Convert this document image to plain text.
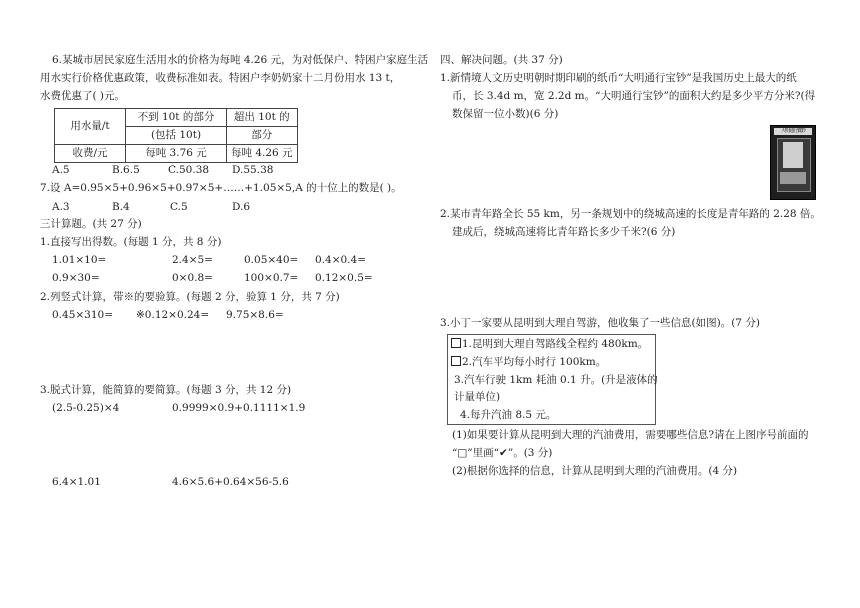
6.某城市居民家庭生活用水的价格为每吨 4.26 元，为对低保户、特困户家庭生活
用水实行价格优惠政策，收费标准如表。特困户李奶奶家十二月份用水 13 t，
水费优惠了( )元。
用水量/t	不到 10t 的部分	超出 10t 的
	(包括 10t)	部分
收费/元	每吨 3.76 元	每吨 4.26 元
A.5	B.6.5	C.50.38 D.55.38
7.设 A=0.95×5+0.96×5+0.97×5+……+1.05×5,A 的十位上的数是( )。
A.3	B.4	C.5	D.6
三计算题。(共 27 分)
1.直接写出得数。(每题 1 分，共 8 分)
1.01×10=	2.4×5=	0.05×40= 0.4×0.4=
0.9×30=	0×0.8=	100×0.7= 0.12×0.5=
2.列竖式计算，带※的要验算。(每题 2 分，验算 1 分，共 7 分)
0.45×310= ※0.12×0.24= 9.75×8.6=
3.脱式计算，能简算的要简算。(每题 3 分，共 12 分)
(2.5-0.25)×4	0.9999×0.9+0.1111×1.9
6.4×1.01	4.6×5.6+0.64×56-5.6
四、解决问题。(共 37 分)
1.新情境人文历史明朝时期印刷的纸币“大明通行宝钞”是我国历史上最大的纸
币，长 3.4d m，宽 2.2d m。“大明通行宝钞”的面积大约是多少平方分米?(得
数保留一位小数)(6 分)
大明通行寶鈔
2.某市青年路全长 55 km，另一条规划中的绕城高速的长度是青年路的 2.28 倍。
建成后，绕城高速将比青年路长多少千米?(6 分)
3.小丁一家要从昆明到大理自驾游，他收集了一些信息(如图)。(7 分)
1.昆明到大理自驾路线全程约 480km。
2.汽车平均每小时行 100km。
3.汽车行驶 1km 耗油 0.1 升。(升是液体的
计量单位)
4.每升汽油 8.5 元。
(1)如果要计算从昆明到大理的汽油费用，需要哪些信息?请在上图序号前面的
“□”里画“✔”。(3 分)
(2)根据你选择的信息，计算从昆明到大理的汽油费用。(4 分)
